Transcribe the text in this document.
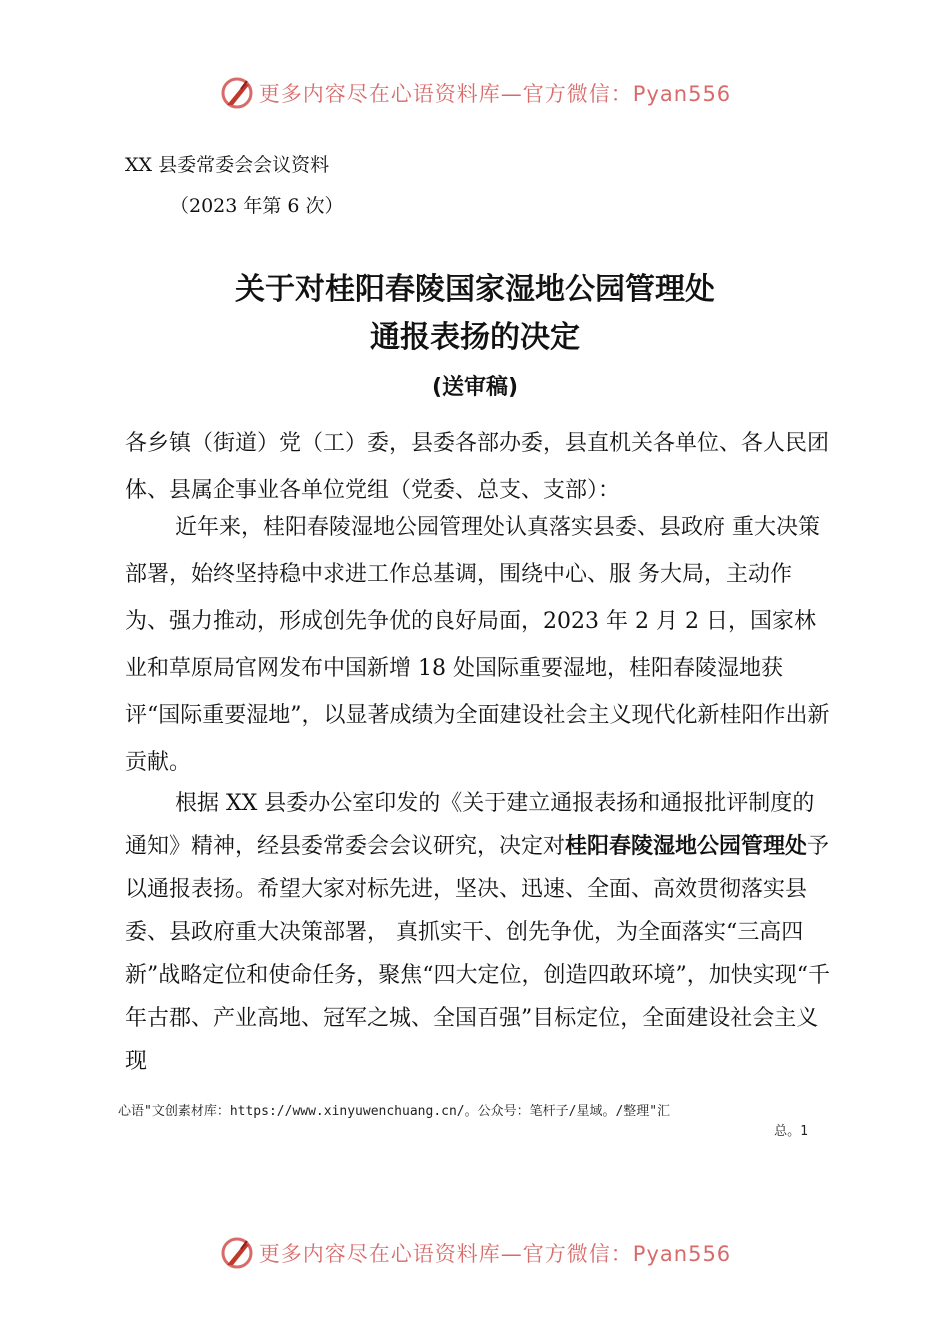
更多内容尽在心语资料库—官方微信：Pyan556
XX 县委常委会会议资料
（2023 年第 6 次）
关于对桂阳春陵国家湿地公园管理处
通报表扬的决定
(送审稿)
各乡镇（街道）党（工）委，县委各部办委，县直机关各单位、各人民团体、县属企事业各单位党组（党委、总支、支部）：
近年来，桂阳春陵湿地公园管理处认真落实县委、县政府 重大决策部署，始终坚持稳中求进工作总基调，围绕中心、服 务大局，主动作为、强力推动，形成创先争优的良好局面，2023 年 2 月 2 日，国家林业和草原局官网发布中国新增 18 处国际重要湿地，桂阳春陵湿地获评“国际重要湿地”，以显著成绩为全面建设社会主义现代化新桂阳作出新贡献。
根据 XX 县委办公室印发的《关于建立通报表扬和通报批评制度的通知》精神，经县委常委会会议研究，决定对桂阳春陵湿地公园管理处予以通报表扬。希望大家对标先进，坚决、迅速、全面、高效贯彻落实县委、县政府重大决策部署， 真抓实干、创先争优，为全面落实“三高四新”战略定位和使命任务，聚焦“四大定位，创造四敢环境”，加快实现“千年古郡、产业高地、冠军之城、全国百强”目标定位，全面建设社会主义现
心语"文创素材库：https://www.xinyuwenchuang.cn/。公众号：笔杆子/星域。/整理"汇
总。1
更多内容尽在心语资料库—官方微信：Pyan556
